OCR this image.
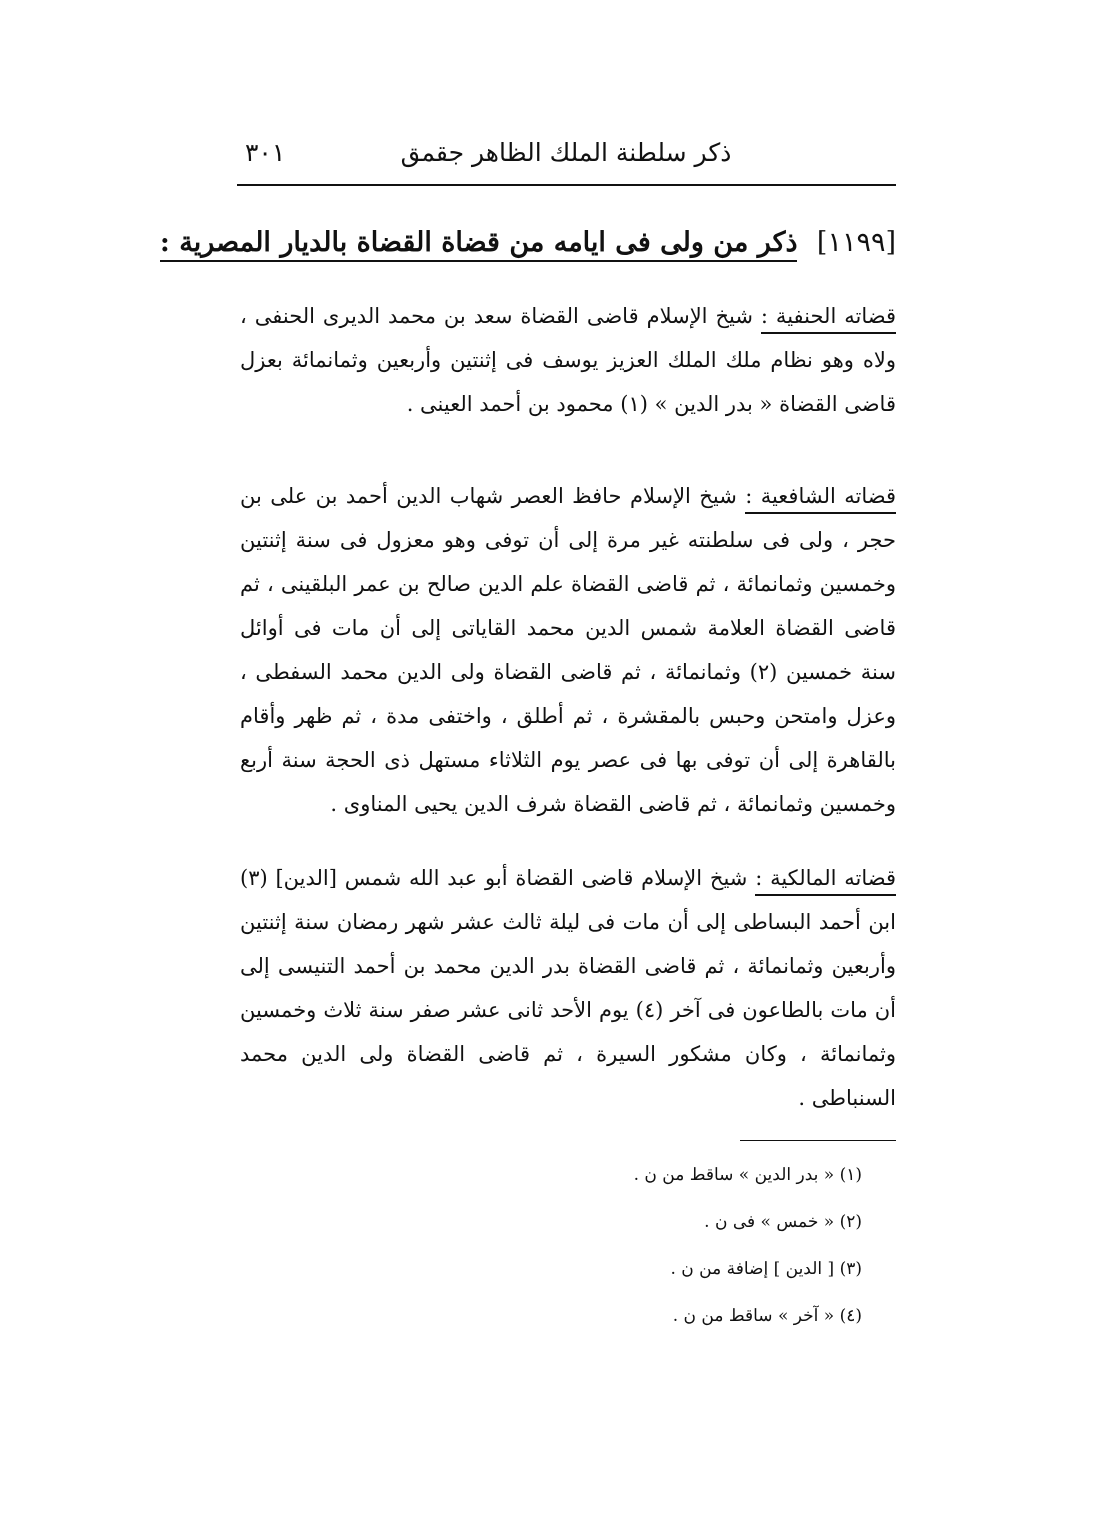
ذكر سلطنة الملك الظاهر جقمق
٣٠١
[١١٩٩] ذكر من ولى فى ايامه من قضاة القضاة بالديار المصرية :
قضاته الحنفية : شيخ الإسلام قاضى القضاة سعد بن محمد الديرى الحنفى ، ولاه وهو نظام ملك الملك العزيز يوسف فى إثنتين وأربعين وثمانمائة بعزل قاضى القضاة « بدر الدين » (١) محمود بن أحمد العينى .
قضاته الشافعية : شيخ الإسلام حافظ العصر شهاب الدين أحمد بن على بن حجر ، ولى فى سلطنته غير مرة إلى أن توفى وهو معزول فى سنة إثنتين وخمسين وثمانمائة ، ثم قاضى القضاة علم الدين صالح بن عمر البلقينى ، ثم قاضى القضاة العلامة شمس الدين محمد القاياتى إلى أن مات فى أوائل سنة خمسين (٢) وثمانمائة ، ثم قاضى القضاة ولى الدين محمد السفطى ، وعزل وامتحن وحبس بالمقشرة ، ثم أطلق ، واختفى مدة ، ثم ظهر وأقام بالقاهرة إلى أن توفى بها فى عصر يوم الثلاثاء مستهل ذى الحجة سنة أربع وخمسين وثمانمائة ، ثم قاضى القضاة شرف الدين يحيى المناوى .
قضاته المالكية : شيخ الإسلام قاضى القضاة أبو عبد الله شمس [الدين] (٣) ابن أحمد البساطى إلى أن مات فى ليلة ثالث عشر شهر رمضان سنة إثنتين وأربعين وثمانمائة ، ثم قاضى القضاة بدر الدين محمد بن أحمد التنيسى إلى أن مات بالطاعون فى آخر (٤) يوم الأحد ثانى عشر صفر سنة ثلاث وخمسين وثمانمائة ، وكان مشكور السيرة ، ثم قاضى القضاة ولى الدين محمد السنباطى .
(١) « بدر الدين » ساقط من ن .
(٢) « خمس » فى ن .
(٣) [ الدين ] إضافة من ن .
(٤) « آخر » ساقط من ن .
